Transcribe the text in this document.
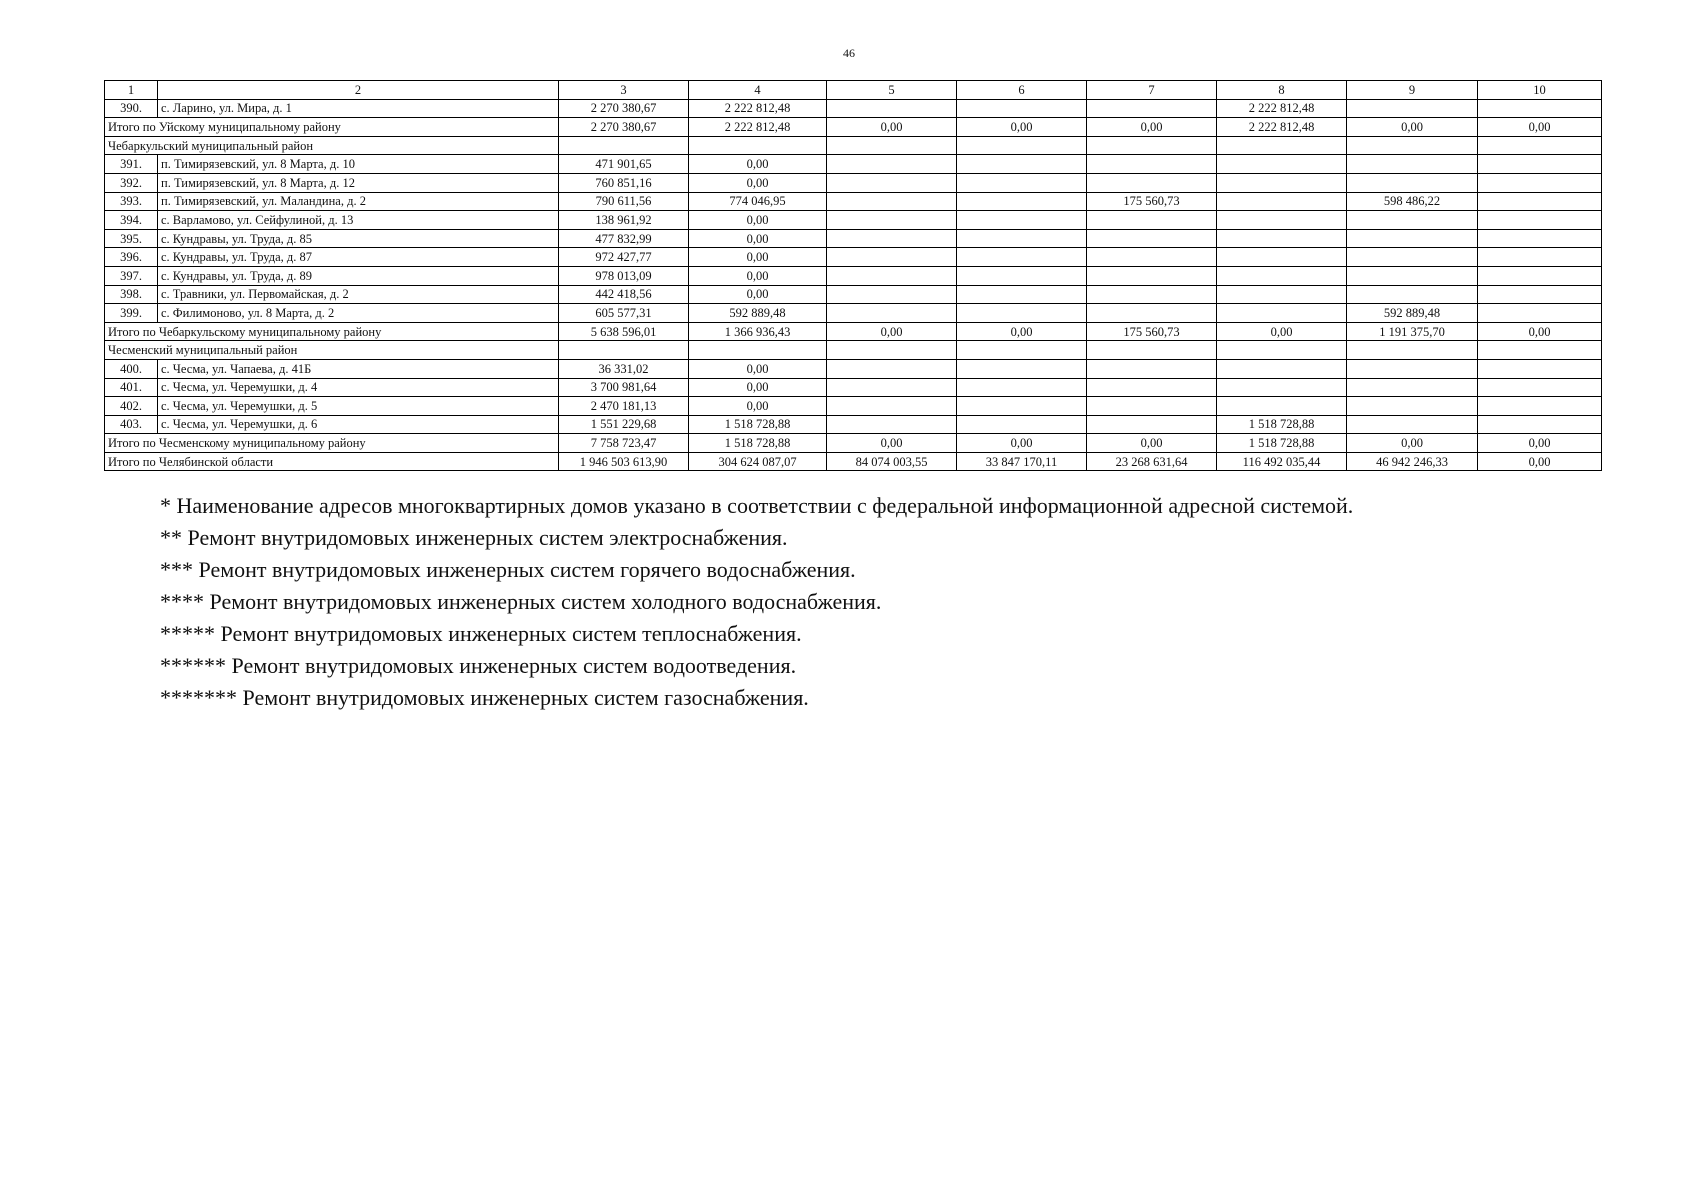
46
1	2	3	4	5	6	7	8	9	10
390.	с. Ларино, ул. Мира, д. 1	2 270 380,67	2 222 812,48				2 222 812,48		
Итого по Уйскому муниципальному району		2 270 380,67	2 222 812,48	0,00	0,00	0,00	2 222 812,48	0,00	0,00
Чебаркульский муниципальный район									
391.	п. Тимирязевский, ул. 8 Марта, д. 10	471 901,65	0,00						
392.	п. Тимирязевский, ул. 8 Марта, д. 12	760 851,16	0,00						
393.	п. Тимирязевский, ул. Маландина, д. 2	790 611,56	774 046,95			175 560,73		598 486,22	
394.	с. Варламово, ул. Сейфулиной, д. 13	138 961,92	0,00						
395.	с. Кундравы, ул. Труда, д. 85	477 832,99	0,00						
396.	с. Кундравы, ул. Труда, д. 87	972 427,77	0,00						
397.	с. Кундравы, ул. Труда, д. 89	978 013,09	0,00						
398.	с. Травники, ул. Первомайская, д. 2	442 418,56	0,00						
399.	с. Филимоново, ул. 8 Марта, д. 2	605 577,31	592 889,48					592 889,48	
Итого по Чебаркульскому муниципальному району		5 638 596,01	1 366 936,43	0,00	0,00	175 560,73	0,00	1 191 375,70	0,00
Чесменский муниципальный район									
400.	с. Чесма, ул. Чапаева, д. 41Б	36 331,02	0,00						
401.	с. Чесма, ул. Черемушки, д. 4	3 700 981,64	0,00						
402.	с. Чесма, ул. Черемушки, д. 5	2 470 181,13	0,00						
403.	с. Чесма, ул. Черемушки, д. 6	1 551 229,68	1 518 728,88				1 518 728,88		
Итого по Чесменскому муниципальному району		7 758 723,47	1 518 728,88	0,00	0,00	0,00	1 518 728,88	0,00	0,00
Итого по Челябинской области		1 946 503 613,90	304 624 087,07	84 074 003,55	33 847 170,11	23 268 631,64	116 492 035,44	46 942 246,33	0,00
* Наименование адресов многоквартирных домов указано в соответствии с федеральной информационной адресной системой.
** Ремонт внутридомовых инженерных систем электроснабжения.
*** Ремонт внутридомовых инженерных систем горячего водоснабжения.
**** Ремонт внутридомовых инженерных систем холодного водоснабжения.
***** Ремонт внутридомовых инженерных систем теплоснабжения.
****** Ремонт внутридомовых инженерных систем водоотведения.
******* Ремонт внутридомовых инженерных систем газоснабжения.
